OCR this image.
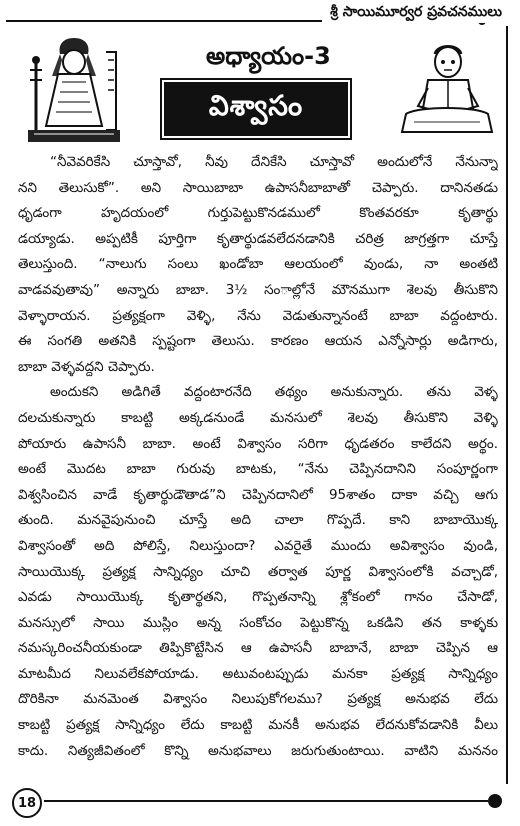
శ్రీ సాయిమూర్వర ప్రవచనములు
అధ్యాయం-3
విశ్వాసం
“నీవెవరికేసి చూస్తావో, నీవు దేనికేసి చూస్తావో అందులోనే నేనున్నా
నని తెలుసుకో”. అని సాయిబాబా ఉపాసనీబాబాతో చెప్పారు. దానినతడు
ధృడంగా హృదయంలో గుర్తుపెట్టుకొనడములో కొంతవరకూ కృతార్థు
డయ్యాడు. అప్పటికీ పూర్తిగా కృతార్థుడవలేదనడానికి చరిత్ర జాగ్రత్తగా చూస్తే
తెలుస్తుంది. “నాలుగు సంలు ఖండోబా ఆలయంలో వుండు, నా అంతటి
వాడవవుతావు” అన్నారు బాబా. 3½ సంాల్లోనే మౌనముగా శెలవు తీసుకొని
వెళ్ళారాయన. ప్రత్యక్షంగా వెళ్ళి, నేను వెడుతున్నానంటే బాబా వద్దంటారు.
ఈ సంగతి అతనికి స్పష్టంగా తెలుసు. కారణం ఆయన ఎన్నోసార్లు అడిగారు,
బాబా వెళ్ళవద్దని చెప్పారు.
అందుకని అడిగితే వద్దంటారనేది తథ్యం అనుకున్నారు. తను వెళ్ళ
దలచుకున్నారు కాబట్టి అక్కడనుండే మనసులో శెలవు తీసుకొని వెళ్ళి
పోయారు ఉపాసనీ బాబా. అంటే విశ్వాసం సరిగా ధృడతరం కాలేదని అర్థం.
అంటే మొదట బాబా గురువు బాటకు, “నేను చెప్పినదానిని సంపూర్ణంగా
విశ్వసించిన వాడే కృతార్థుడౌతాడ”ని చెప్పినదానిలో 95శాతం దాకా వచ్చి ఆగు
తుంది. మనవైపునుంచి చూస్తే అది చాలా గొప్పదే. కాని బాబాయొక్క
విశ్వాసంతో అది పోలిస్తే, నిలుస్తుందా? ఎవరైతే ముందు అవిశ్వాసం వుండి,
సాయియొక్క ప్రత్యక్ష సాన్నిధ్యం చూచి తర్వాత పూర్ణ విశ్వాసంలోకి వచ్చాడో,
ఎవడు సాయియొక్క కృతార్థతని, గొప్పతనాన్ని శ్లోకంలో గానం చేసాడో,
మనస్సులో సాయి ముస్లిం అన్న సంకోచం పెట్టుకొన్న ఒకడిని తన కాళ్ళకు
నమస్కరించనీయకుండా తిప్పికొట్టేసిన ఆ ఉపాసనీ బాబానే, బాబా చెప్పిన ఆ
మాటమీద నిలువలేకపోయాడు. అటువంటప్పుడు మనకా ప్రత్యక్ష సాన్నిధ్యం
దొరికినా మనమెంత విశ్వాసం నిలుపుకోగలము? ప్రత్యక్ష అనుభవ లేదు
కాబట్టి ప్రత్యక్ష సాన్నిధ్యం లేదు కాబట్టి మనకీ అనుభవ లేదనుకోవడానికి వీలు
కాదు. నిత్యజీవితంలో కొన్ని అనుభవాలు జరుగుతుంటాయి. వాటిని మననం
18
